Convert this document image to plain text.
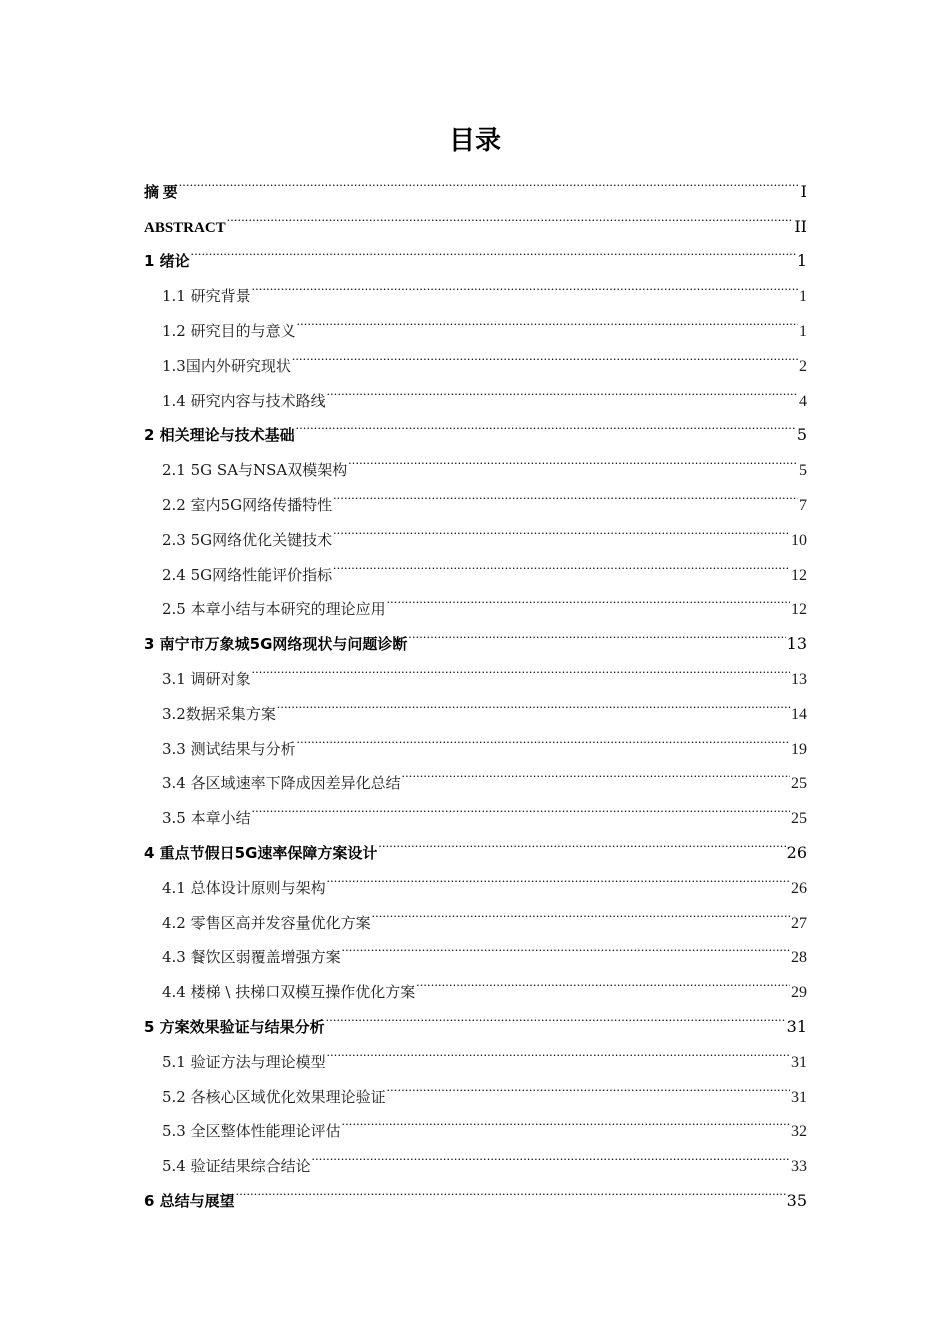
目录
摘 要 .....	I
ABSTRACT .....	II
1 绪论 .....	1
1.1 研究背景 .....	1
1.2 研究目的与意义 .....	1
1.3国内外研究现状 .....	2
1.4 研究内容与技术路线 .....	4
2 相关理论与技术基础 .....	5
2.1 5G SA与NSA双模架构 .....	5
2.2 室内5G网络传播特性 .....	7
2.3 5G网络优化关键技术 .....	10
2.4 5G网络性能评价指标 .....	12
2.5 本章小结与本研究的理论应用 .....	12
3 南宁市万象城5G网络现状与问题诊断 .....	13
3.1 调研对象 .....	13
3.2数据采集方案 .....	14
3.3 测试结果与分析 .....	19
3.4 各区域速率下降成因差异化总结 .....	25
3.5 本章小结 .....	25
4 重点节假日5G速率保障方案设计 .....	26
4.1 总体设计原则与架构 .....	26
4.2 零售区高并发容量优化方案 .....	27
4.3 餐饮区弱覆盖增强方案 .....	28
4.4 楼梯 \ 扶梯口双模互操作优化方案 .....	29
5 方案效果验证与结果分析 .....	31
5.1 验证方法与理论模型 .....	31
5.2 各核心区域优化效果理论验证 .....	31
5.3 全区整体性能理论评估 .....	32
5.4 验证结果综合结论 .....	33
6 总结与展望 .....	35
